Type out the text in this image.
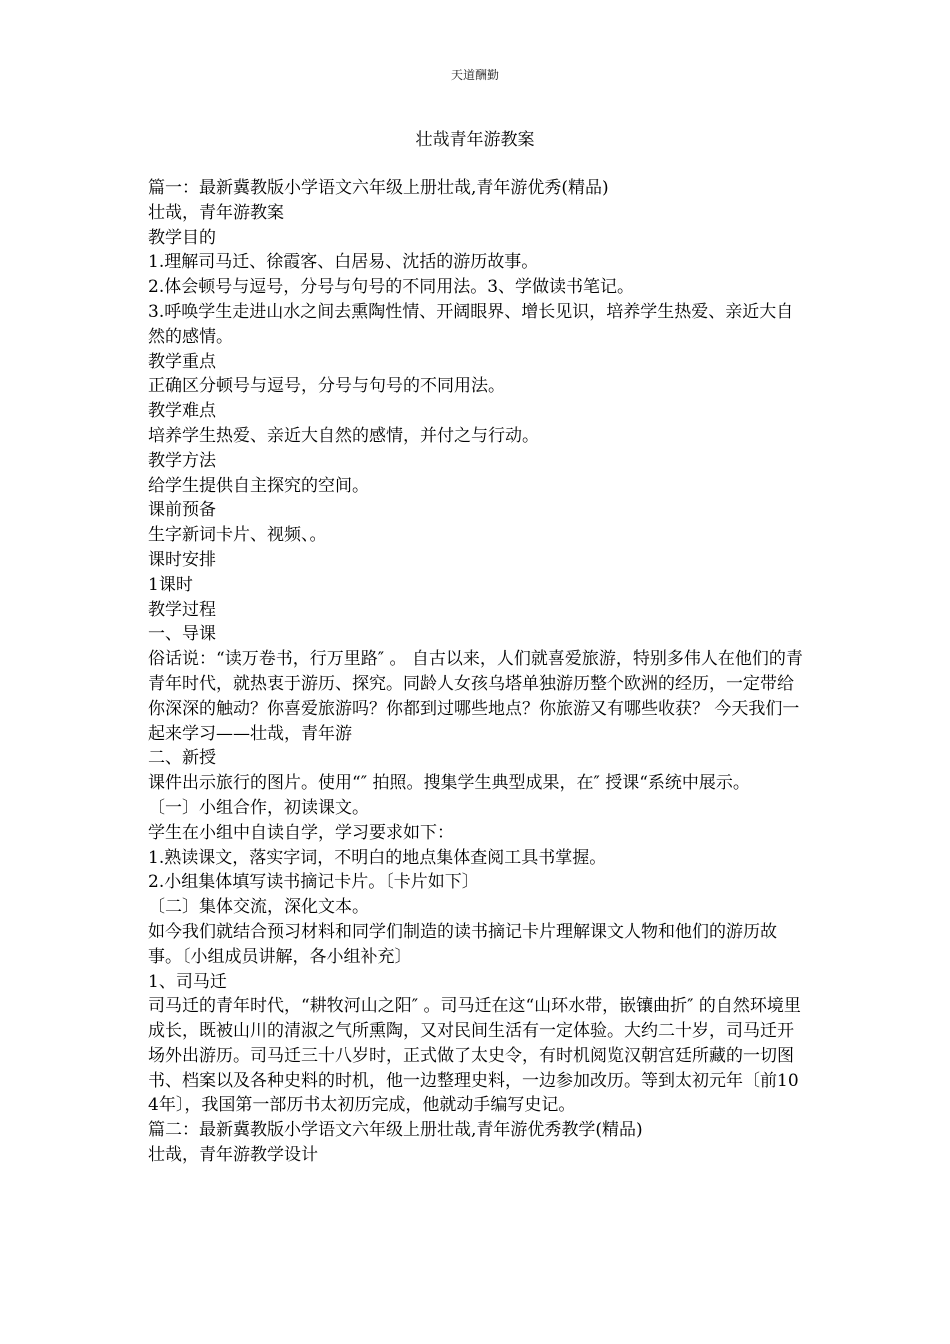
天道酬勤
壮哉青年游教案

篇一：最新冀教版小学语文六年级上册壮哉,青年游优秀(精品)

壮哉，青年游教案

教学目的

1.理解司马迁、徐霞客、白居易、沈括的游历故事。

2.体会顿号与逗号，分号与句号的不同用法。3、学做读书笔记。

3.呼唤学生走进山水之间去熏陶性情、开阔眼界、增长见识，培养学生热爱、亲近大自然的感情。

教学重点

正确区分顿号与逗号，分号与句号的不同用法。

教学难点

培养学生热爱、亲近大自然的感情，并付之与行动。

教学方法

给学生提供自主探究的空间。

课前预备

生字新词卡片、视频、。

课时安排

1课时

教学过程

一、导课

俗话说：“读万卷书，行万里路″ 。 自古以来，人们就喜爱旅游，特别多伟人在他们的青青年时代，就热衷于游历、探究。同龄人女孩乌塔单独游历整个欧洲的经历，一定带给你深深的触动？你喜爱旅游吗？你都到过哪些地点？你旅游又有哪些收获？ 今天我们一起来学习——壮哉，青年游

二、新授

课件出示旅行的图片。使用“″ 拍照。搜集学生典型成果，在″ 授课“系统中展示。

〔一〕小组合作，初读课文。

学生在小组中自读自学，学习要求如下：

1.熟读课文，落实字词，不明白的地点集体查阅工具书掌握。

2.小组集体填写读书摘记卡片。〔卡片如下〕

〔二〕集体交流，深化文本。

如今我们就结合预习材料和同学们制造的读书摘记卡片理解课文人物和他们的游历故事。〔小组成员讲解，各小组补充〕

1、司马迁

司马迁的青年时代，“耕牧河山之阳″ 。司马迁在这“山环水带，嵌镶曲折″ 的自然环境里成长，既被山川的清淑之气所熏陶，又对民间生活有一定体验。大约二十岁，司马迁开场外出游历。司马迁三十八岁时，正式做了太史令，有时机阅览汉朝宫廷所藏的一切图书、档案以及各种史料的时机，他一边整理史料，一边参加改历。等到太初元年〔前104年〕，我国第一部历书太初历完成，他就动手编写史记。

篇二：最新冀教版小学语文六年级上册壮哉,青年游优秀教学(精品)

壮哉，青年游教学设计
